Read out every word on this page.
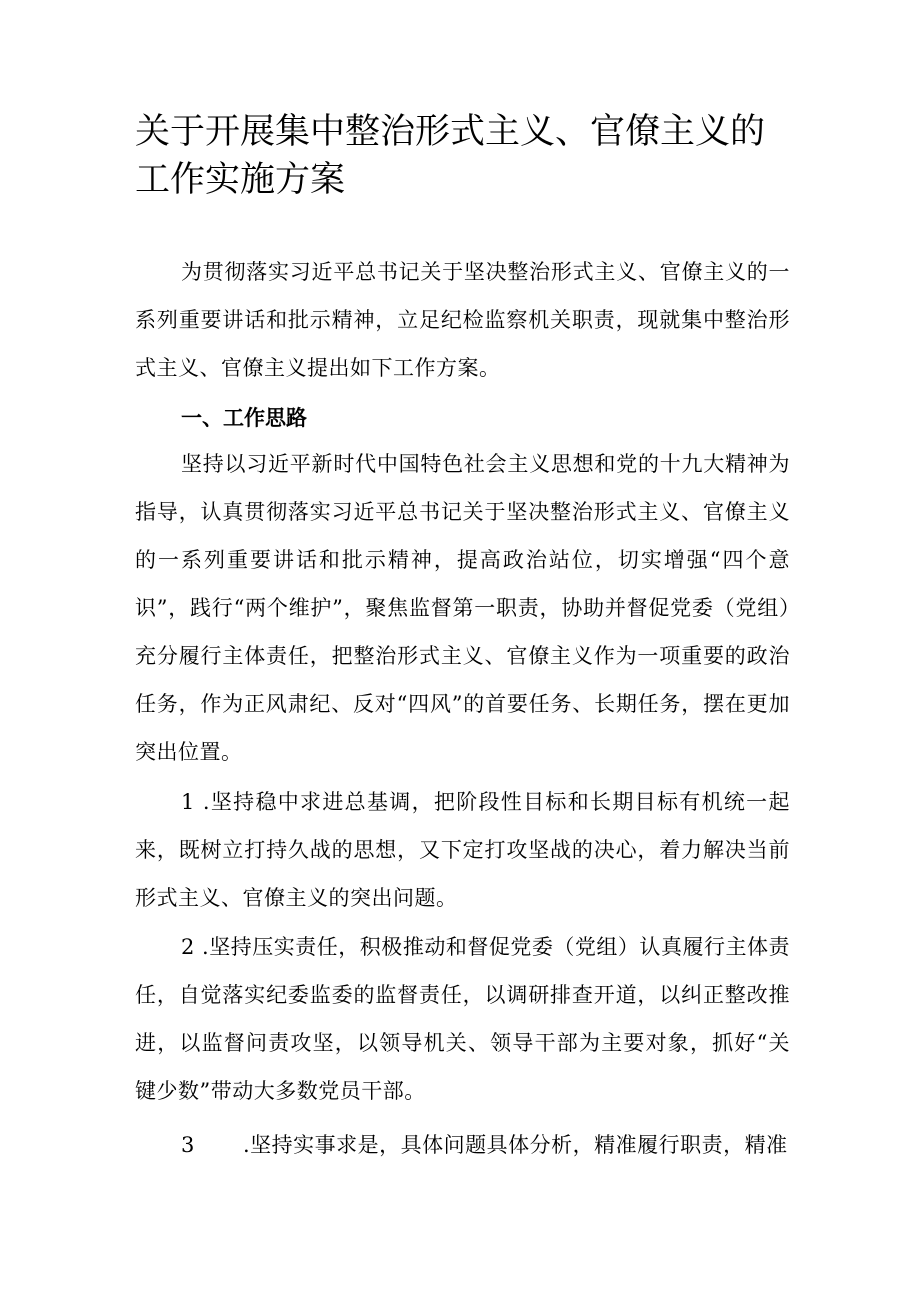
关于开展集中整治形式主义、官僚主义的工作实施方案

为贯彻落实习近平总书记关于坚决整治形式主义、官僚主义的一系列重要讲话和批示精神，立足纪检监察机关职责，现就集中整治形式主义、官僚主义提出如下工作方案。

一、工作思路

坚持以习近平新时代中国特色社会主义思想和党的十九大精神为指导，认真贯彻落实习近平总书记关于坚决整治形式主义、官僚主义的一系列重要讲话和批示精神，提高政治站位，切实增强“四个意识”，践行“两个维护”，聚焦监督第一职责，协助并督促党委（党组）充分履行主体责任，把整治形式主义、官僚主义作为一项重要的政治任务，作为正风肃纪、反对“四风”的首要任务、长期任务，摆在更加突出位置。

1 .坚持稳中求进总基调，把阶段性目标和长期目标有机统一起来，既树立打持久战的思想，又下定打攻坚战的决心，着力解决当前形式主义、官僚主义的突出问题。

2 .坚持压实责任，积极推动和督促党委（党组）认真履行主体责任，自觉落实纪委监委的监督责任，以调研排查开道，以纠正整改推进，以监督问责攻坚，以领导机关、领导干部为主要对象，抓好“关键少数”带动大多数党员干部。

3 .坚持实事求是，具体问题具体分析，精准履行职责，精准
